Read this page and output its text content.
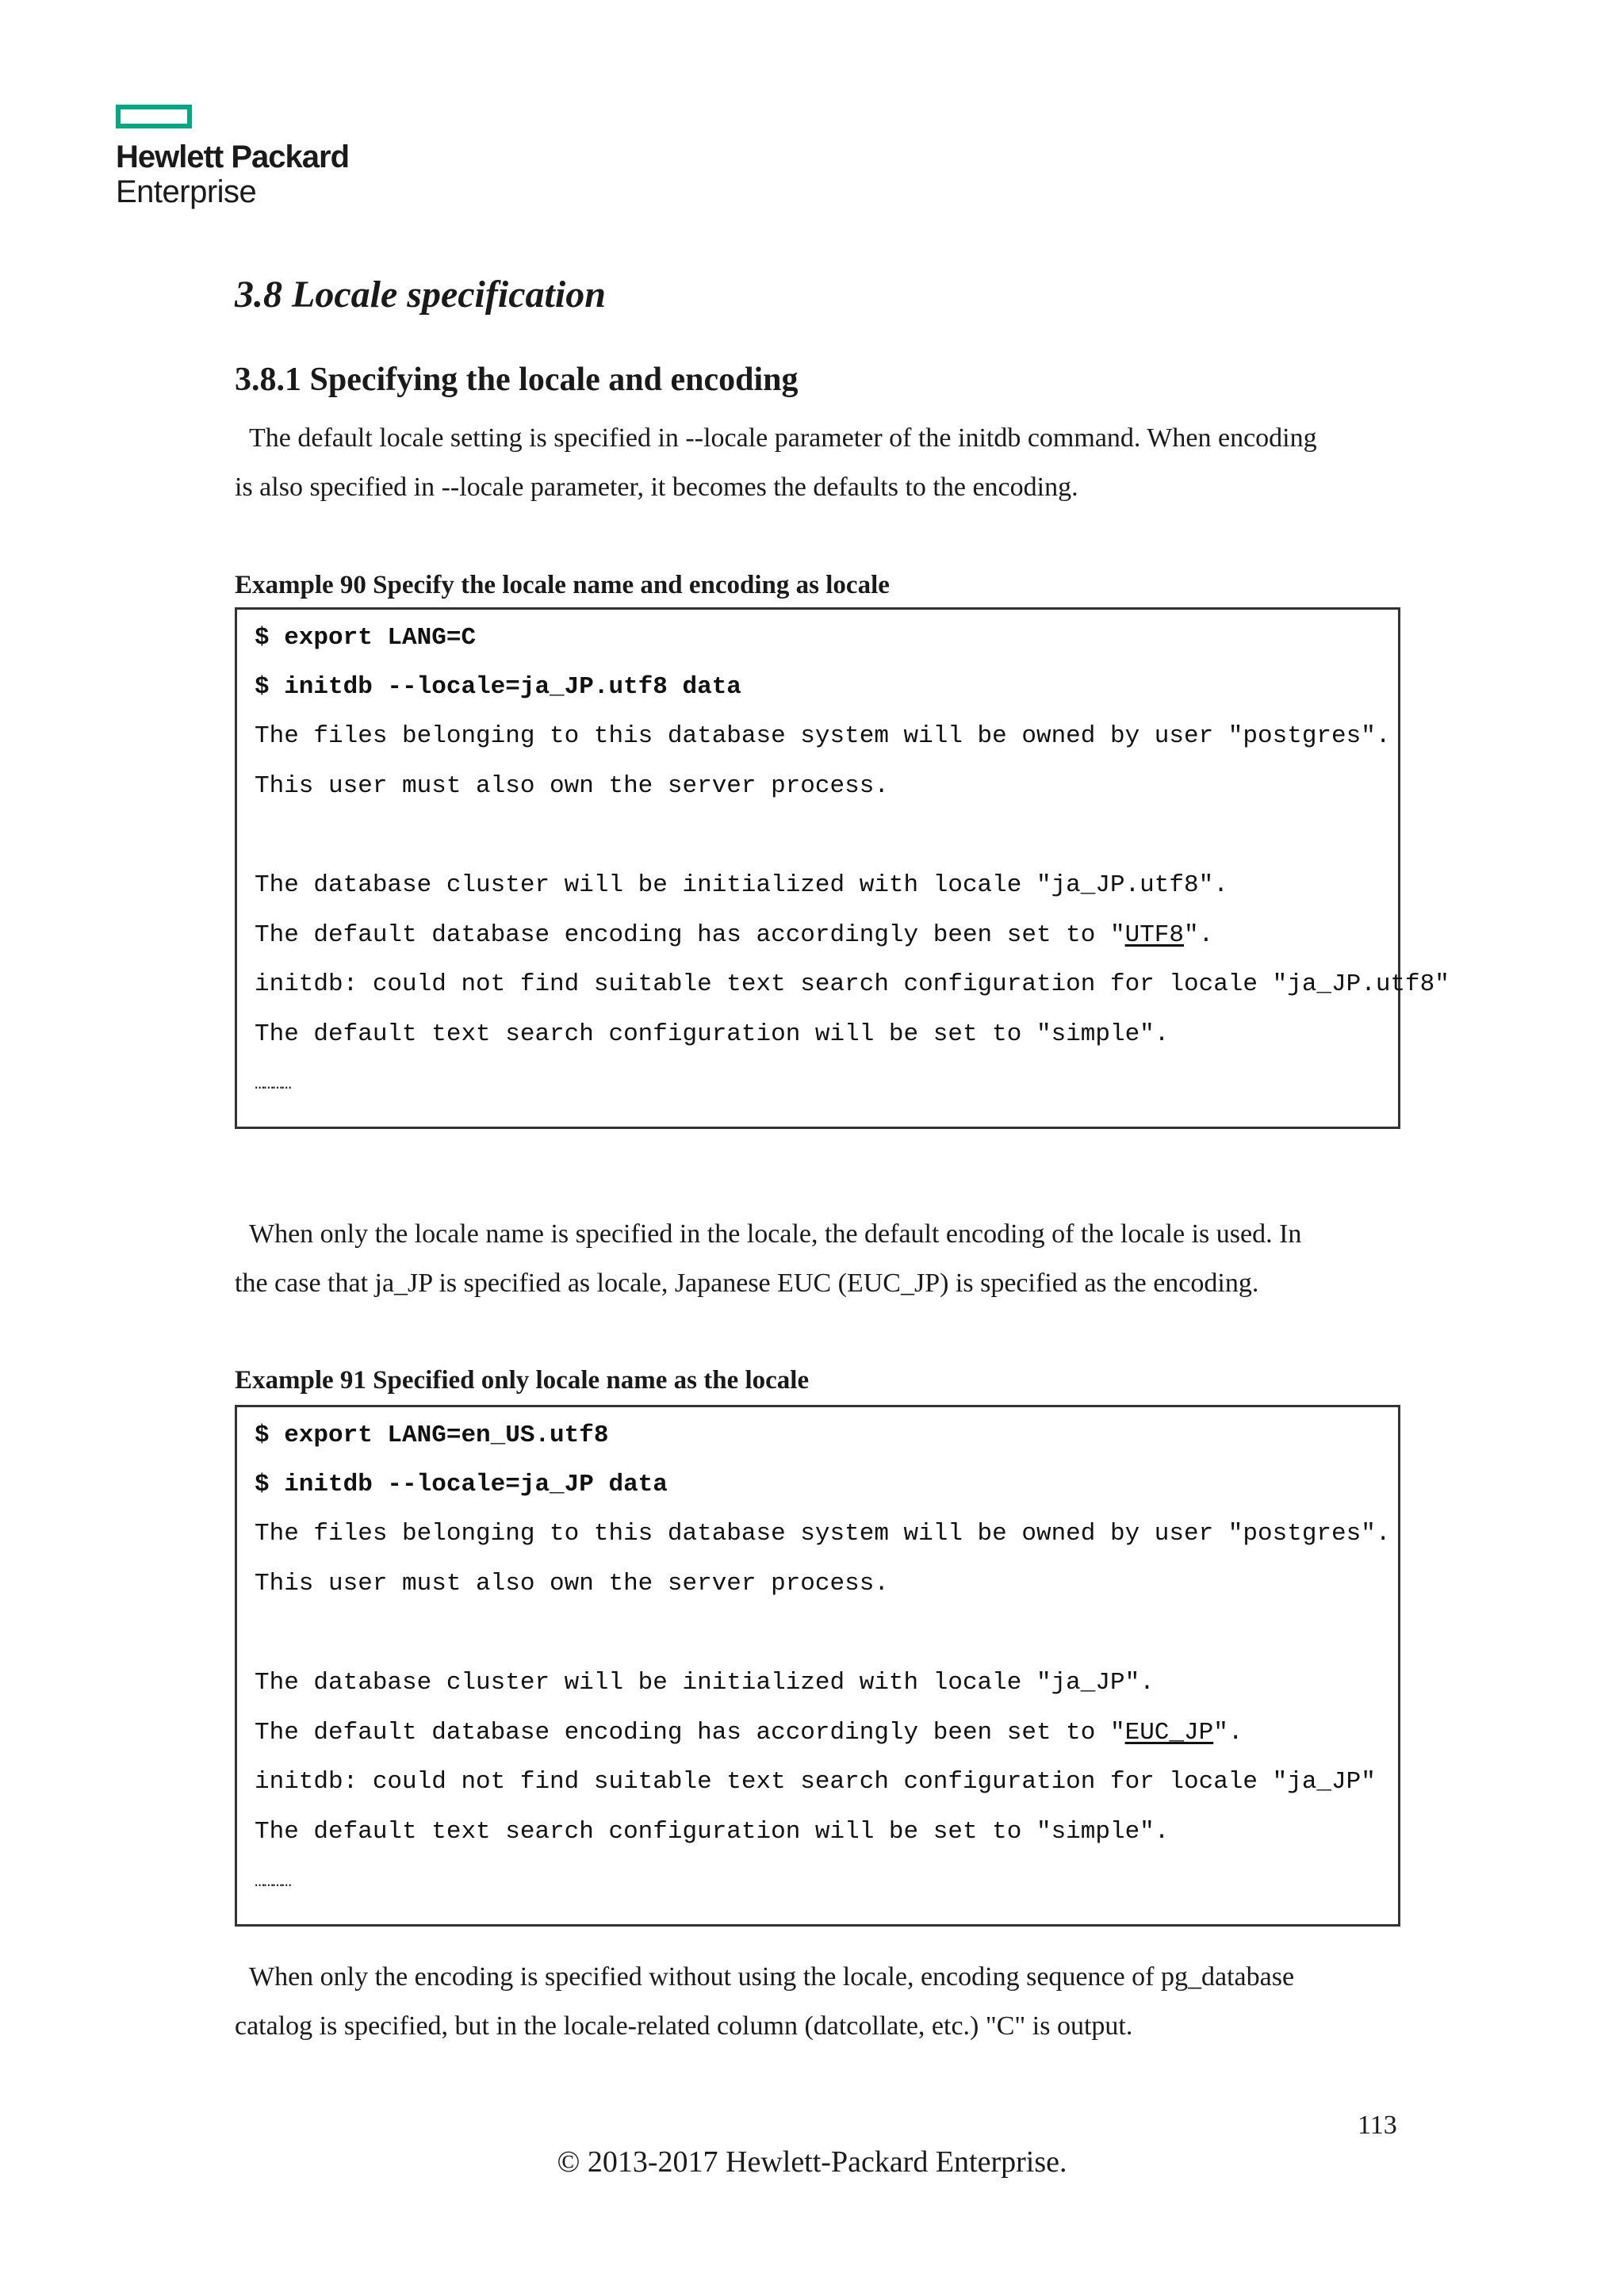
Hewlett Packard
Enterprise
3.8 Locale specification
3.8.1 Specifying the locale and encoding
The default locale setting is specified in --locale parameter of the initdb command. When encoding
is also specified in --locale parameter, it becomes the defaults to the encoding.
Example 90 Specify the locale name and encoding as locale
$ export LANG=C
$ initdb --locale=ja_JP.utf8 data
The files belonging to this database system will be owned by user "postgres".
This user must also own the server process.
The database cluster will be initialized with locale "ja_JP.utf8".
The default database encoding has accordingly been set to "UTF8".
initdb: could not find suitable text search configuration for locale "ja_JP.utf8"
The default text search configuration will be set to "simple".
…………
When only the locale name is specified in the locale, the default encoding of the locale is used. In
the case that ja_JP is specified as locale, Japanese EUC (EUC_JP) is specified as the encoding.
Example 91 Specified only locale name as the locale
$ export LANG=en_US.utf8
$ initdb --locale=ja_JP data
The files belonging to this database system will be owned by user "postgres".
This user must also own the server process.
The database cluster will be initialized with locale "ja_JP".
The default database encoding has accordingly been set to "EUC_JP".
initdb: could not find suitable text search configuration for locale "ja_JP"
The default text search configuration will be set to "simple".
…………
When only the encoding is specified without using the locale, encoding sequence of pg_database
catalog is specified, but in the locale-related column (datcollate, etc.) "C" is output.
113
© 2013-2017 Hewlett-Packard Enterprise.
